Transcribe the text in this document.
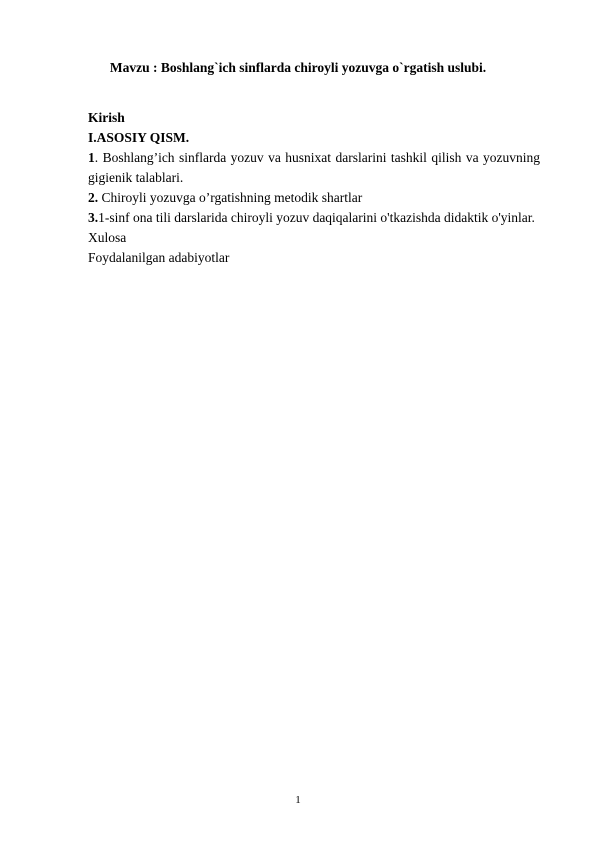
Mavzu : Boshlang`ich sinflarda chiroyli yozuvga o`rgatish uslubi.

Kirish

I.ASOSIY QISM.

1. Boshlang’ich sinflarda yozuv va husnixat darslarini tashkil qilish va yozuvning gigienik talablari.

2. Chiroyli yozuvga o’rgatishning metodik shartlar

3.1-sinf ona tili darslarida chiroyli yozuv daqiqalarini o'tkazishda didaktik o'yinlar.

Xulosa

Foydalanilgan adabiyotlar

1
